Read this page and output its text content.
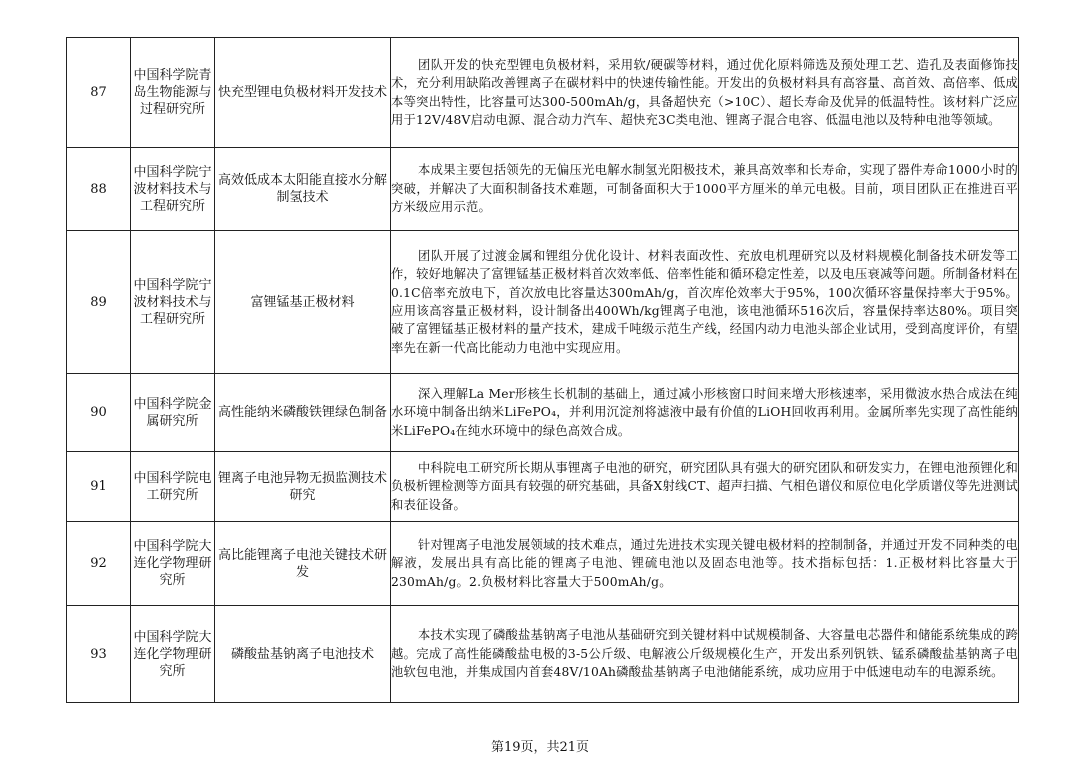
87	中国科学院青岛生物能源与过程研究所	快充型锂电负极材料开发技术	团队开发的快充型锂电负极材料，采用软/硬碳等材料，通过优化原料筛选及预处理工艺、造孔及表面修饰技术，充分利用缺陷改善锂离子在碳材料中的快速传输性能。开发出的负极材料具有高容量、高首效、高倍率、低成本等突出特性，比容量可达300-500mAh/g，具备超快充（>10C）、超长寿命及优异的低温特性。该材料广泛应用于12V/48V启动电源、混合动力汽车、超快充3C类电池、锂离子混合电容、低温电池以及特种电池等领域。
88	中国科学院宁波材料技术与工程研究所	高效低成本太阳能直接水分解制氢技术	本成果主要包括领先的无偏压光电解水制氢光阳极技术，兼具高效率和长寿命，实现了器件寿命1000小时的突破，并解决了大面积制备技术难题，可制备面积大于1000平方厘米的单元电极。目前，项目团队正在推进百平方米级应用示范。
89	中国科学院宁波材料技术与工程研究所	富锂锰基正极材料	团队开展了过渡金属和锂组分优化设计、材料表面改性、充放电机理研究以及材料规模化制备技术研发等工作，较好地解决了富锂锰基正极材料首次效率低、倍率性能和循环稳定性差，以及电压衰减等问题。所制备材料在0.1C倍率充放电下，首次放电比容量达300mAh/g，首次库伦效率大于95%，100次循环容量保持率大于95%。应用该高容量正极材料，设计制备出400Wh/kg锂离子电池，该电池循环516次后，容量保持率达80%。项目突破了富锂锰基正极材料的量产技术，建成千吨级示范生产线，经国内动力电池头部企业试用，受到高度评价，有望率先在新一代高比能动力电池中实现应用。
90	中国科学院金属研究所	高性能纳米磷酸铁锂绿色制备	深入理解La Mer形核生长机制的基础上，通过减小形核窗口时间来增大形核速率，采用微波水热合成法在纯水环境中制备出纳米LiFePO₄，并利用沉淀剂将滤液中最有价值的LiOH回收再利用。金属所率先实现了高性能纳米LiFePO₄在纯水环境中的绿色高效合成。
91	中国科学院电工研究所	锂离子电池异物无损监测技术研究	中科院电工研究所长期从事锂离子电池的研究，研究团队具有强大的研究团队和研发实力，在锂电池预锂化和负极析锂检测等方面具有较强的研究基础，具备X射线CT、超声扫描、气相色谱仪和原位电化学质谱仪等先进测试和表征设备。
92	中国科学院大连化学物理研究所	高比能锂离子电池关键技术研发	针对锂离子电池发展领域的技术难点，通过先进技术实现关键电极材料的控制制备，并通过开发不同种类的电解液，发展出具有高比能的锂离子电池、锂硫电池以及固态电池等。技术指标包括：1.正极材料比容量大于230mAh/g。2.负极材料比容量大于500mAh/g。
93	中国科学院大连化学物理研究所	磷酸盐基钠离子电池技术	本技术实现了磷酸盐基钠离子电池从基础研究到关键材料中试规模制备、大容量电芯器件和储能系统集成的跨越。完成了高性能磷酸盐电极的3-5公斤级、电解液公斤级规模化生产，开发出系列钒铁、锰系磷酸盐基钠离子电池软包电池，并集成国内首套48V/10Ah磷酸盐基钠离子电池储能系统，成功应用于中低速电动车的电源系统。
第19页，共21页
